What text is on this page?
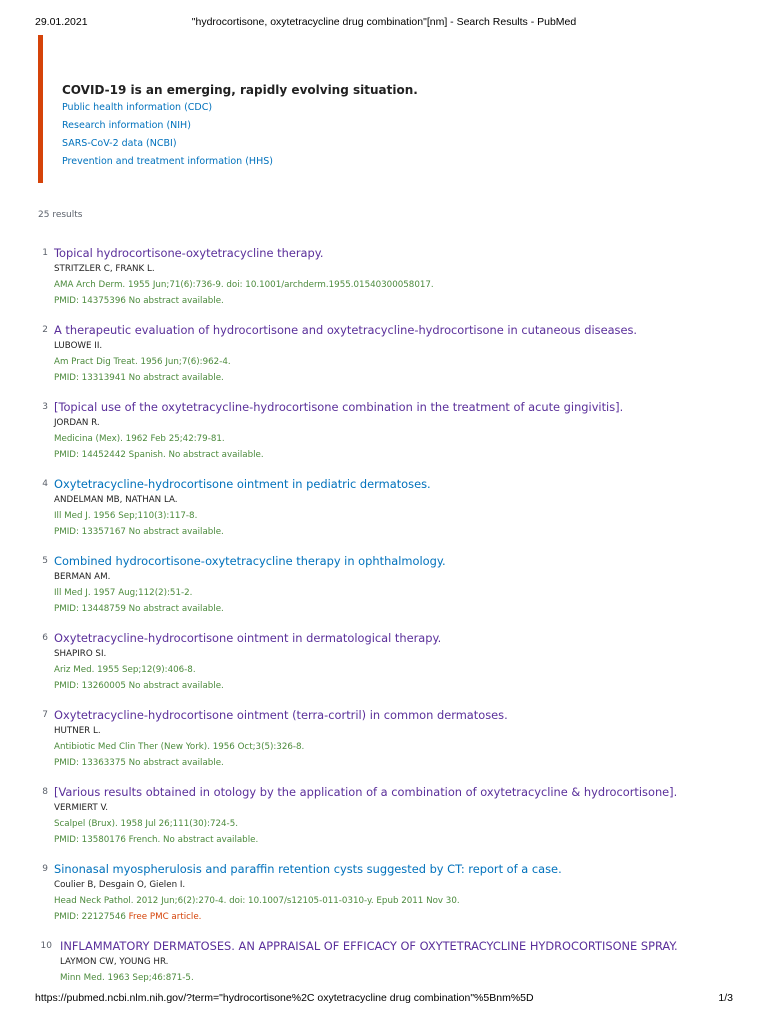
29.01.2021	"hydrocortisone, oxytetracycline drug combination"[nm] - Search Results - PubMed
COVID-19 is an emerging, rapidly evolving situation.
Public health information (CDC)
Research information (NIH)
SARS-CoV-2 data (NCBI)
Prevention and treatment information (HHS)
25 results
1 Topical hydrocortisone-oxytetracycline therapy.
STRITZLER C, FRANK L.
AMA Arch Derm. 1955 Jun;71(6):736-9. doi: 10.1001/archderm.1955.01540300058017.
PMID: 14375396 No abstract available.
2 A therapeutic evaluation of hydrocortisone and oxytetracycline-hydrocortisone in cutaneous diseases.
LUBOWE II.
Am Pract Dig Treat. 1956 Jun;7(6):962-4.
PMID: 13313941 No abstract available.
3 [Topical use of the oxytetracycline-hydrocortisone combination in the treatment of acute gingivitis].
JORDAN R.
Medicina (Mex). 1962 Feb 25;42:79-81.
PMID: 14452442 Spanish. No abstract available.
4 Oxytetracycline-hydrocortisone ointment in pediatric dermatoses.
ANDELMAN MB, NATHAN LA.
Ill Med J. 1956 Sep;110(3):117-8.
PMID: 13357167 No abstract available.
5 Combined hydrocortisone-oxytetracycline therapy in ophthalmology.
BERMAN AM.
Ill Med J. 1957 Aug;112(2):51-2.
PMID: 13448759 No abstract available.
6 Oxytetracycline-hydrocortisone ointment in dermatological therapy.
SHAPIRO SI.
Ariz Med. 1955 Sep;12(9):406-8.
PMID: 13260005 No abstract available.
7 Oxytetracycline-hydrocortisone ointment (terra-cortril) in common dermatoses.
HUTNER L.
Antibiotic Med Clin Ther (New York). 1956 Oct;3(5):326-8.
PMID: 13363375 No abstract available.
8 [Various results obtained in otology by the application of a combination of oxytetracycline & hydrocortisone].
VERMIERT V.
Scalpel (Brux). 1958 Jul 26;111(30):724-5.
PMID: 13580176 French. No abstract available.
9 Sinonasal myospherulosis and paraffin retention cysts suggested by CT: report of a case.
Coulier B, Desgain O, Gielen I.
Head Neck Pathol. 2012 Jun;6(2):270-4. doi: 10.1007/s12105-011-0310-y. Epub 2011 Nov 30.
PMID: 22127546 Free PMC article.
10 INFLAMMATORY DERMATOSES. AN APPRAISAL OF EFFICACY OF OXYTETRACYCLINE HYDROCORTISONE SPRAY.
LAYMON CW, YOUNG HR.
Minn Med. 1963 Sep;46:871-5.
https://pubmed.ncbi.nlm.nih.gov/?term="hydrocortisone%2C oxytetracycline drug combination"%5Bnm%5D	1/3
